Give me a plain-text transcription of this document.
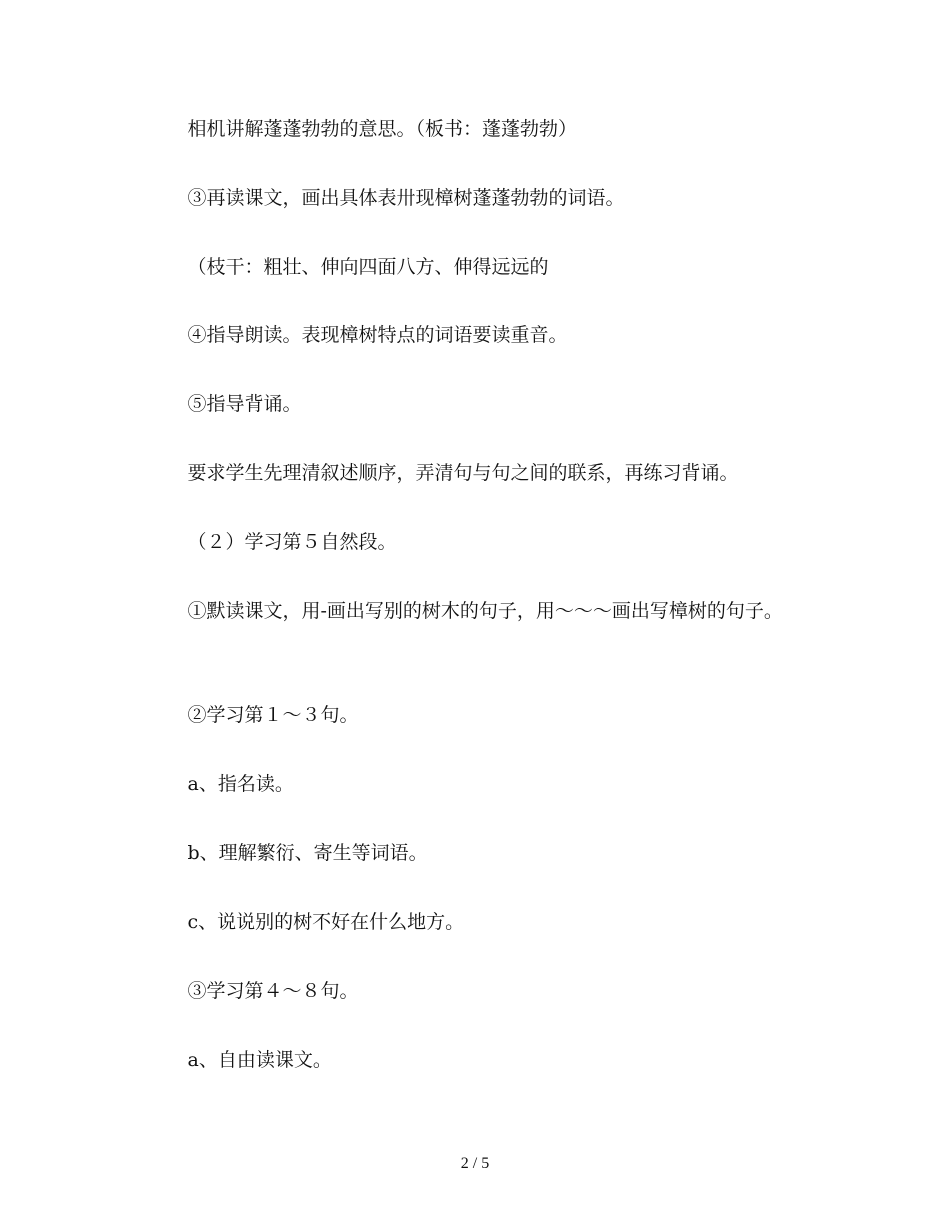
相机讲解蓬蓬勃勃的意思。（板书：蓬蓬勃勃）

③再读课文，画出具体表卅现樟树蓬蓬勃勃的词语。

（枝干：粗壮、伸向四面八方、伸得远远的

④指导朗读。表现樟树特点的词语要读重音。

⑤指导背诵。

要求学生先理清叙述顺序，弄清句与句之间的联系，再练习背诵。

（２）学习第５自然段。

①默读课文，用-画出写别的树木的句子，用～～～画出写樟树的句子。

②学习第１～３句。

a、指名读。

b、理解繁衍、寄生等词语。

c、说说别的树不好在什么地方。

③学习第４～８句。

a、自由读课文。

2 / 5
